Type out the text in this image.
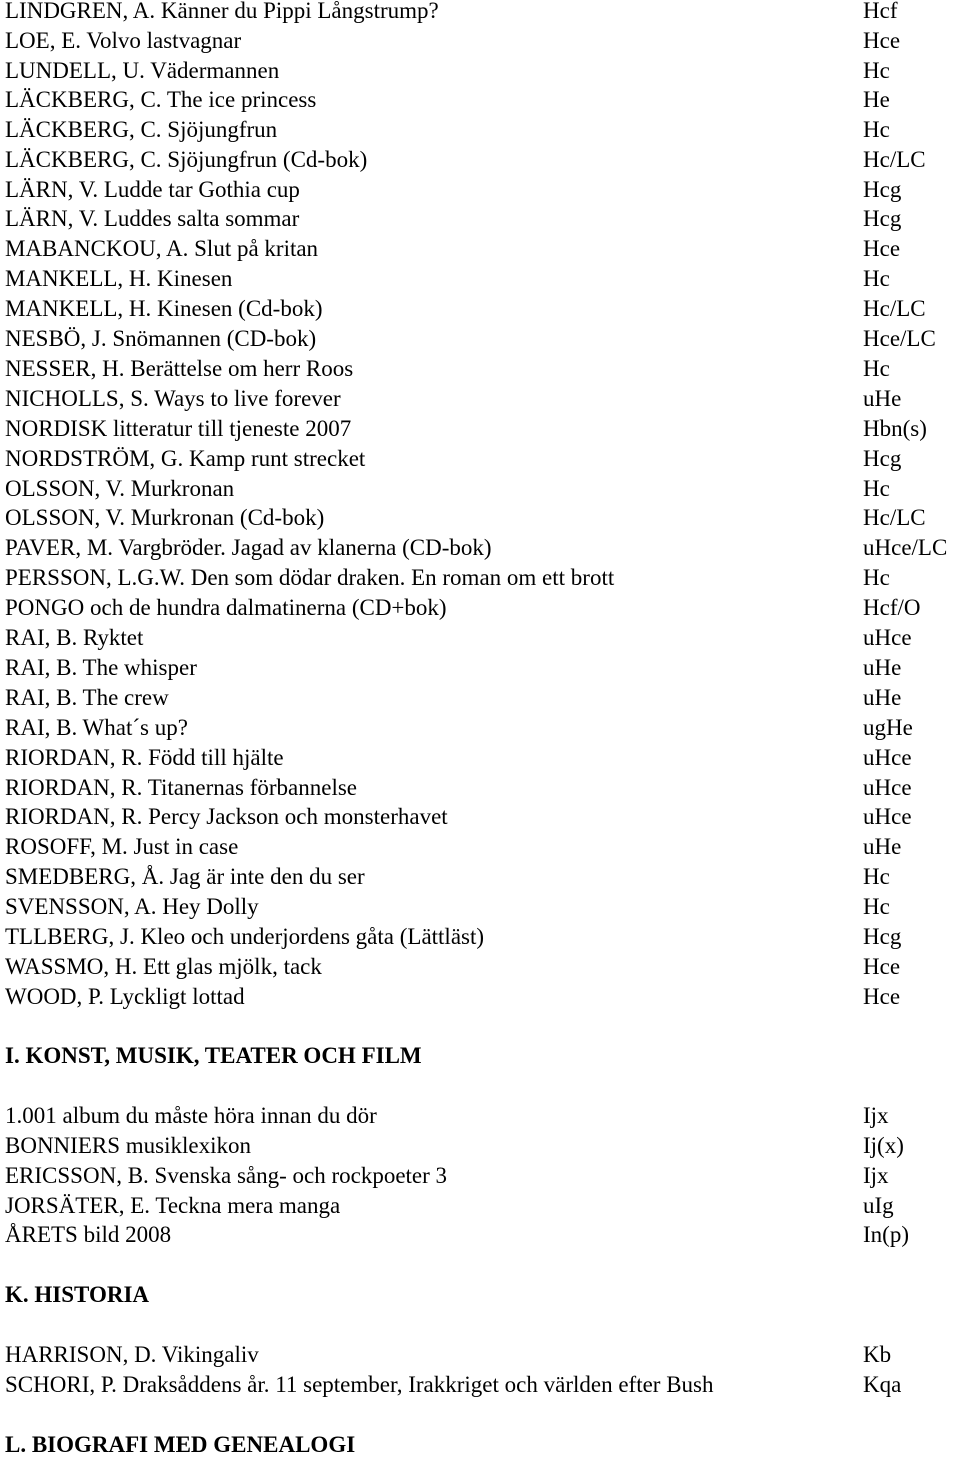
LINDGREN, A. Känner du Pippi Långstrump?	Hcf
LOE, E. Volvo lastvagnar	Hce
LUNDELL, U. Vädermannen	Hc
LÄCKBERG, C. The ice princess	He
LÄCKBERG, C. Sjöjungfrun	Hc
LÄCKBERG, C. Sjöjungfrun (Cd-bok)	Hc/LC
LÄRN, V. Ludde tar Gothia cup	Hcg
LÄRN, V. Luddes salta sommar	Hcg
MABANCKOU, A. Slut på kritan	Hce
MANKELL, H. Kinesen	Hc
MANKELL, H. Kinesen (Cd-bok)	Hc/LC
NESBÖ, J. Snömannen (CD-bok)	Hce/LC
NESSER, H. Berättelse om herr Roos	Hc
NICHOLLS, S. Ways to live forever	uHe
NORDISK litteratur till tjeneste 2007	Hbn(s)
NORDSTRÖM, G. Kamp runt strecket	Hcg
OLSSON, V. Murkronan	Hc
OLSSON, V. Murkronan (Cd-bok)	Hc/LC
PAVER, M. Vargbröder. Jagad av klanerna (CD-bok)	uHce/LC
PERSSON, L.G.W. Den som dödar draken. En roman om ett brott	Hc
PONGO och de hundra dalmatinerna (CD+bok)	Hcf/O
RAI, B. Ryktet	uHce
RAI, B. The whisper	uHe
RAI, B. The crew	uHe
RAI, B. What´s up?	ugHe
RIORDAN, R. Född till hjälte	uHce
RIORDAN, R. Titanernas förbannelse	uHce
RIORDAN, R. Percy Jackson och monsterhavet	uHce
ROSOFF, M. Just in case	uHe
SMEDBERG, Å. Jag är inte den du ser	Hc
SVENSSON, A. Hey Dolly	Hc
TLLBERG, J. Kleo och underjordens gåta (Lättläst)	Hcg
WASSMO, H. Ett glas mjölk, tack	Hce
WOOD, P. Lyckligt lottad	Hce
I. KONST, MUSIK, TEATER OCH FILM
1.001 album du måste höra innan du dör	Ijx
BONNIERS musiklexikon	Ij(x)
ERICSSON, B. Svenska sång- och rockpoeter 3	Ijx
JORSÄTER, E. Teckna mera manga	uIg
ÅRETS bild 2008	In(p)
K. HISTORIA
HARRISON, D. Vikingaliv	Kb
SCHORI, P. Draksåddens år. 11 september, Irakkriget och världen efter Bush	Kqa
L. BIOGRAFI MED GENEALOGI
